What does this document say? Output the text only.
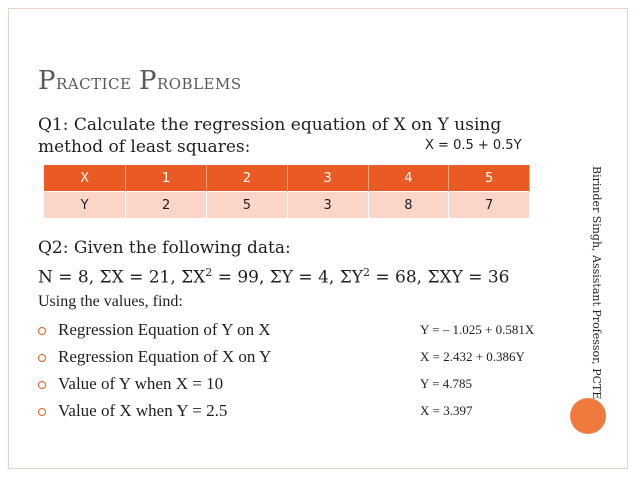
Practice Problems
Q1: Calculate the regression equation of X on Y using
method of least squares:	X = 0.5 + 0.5Y
X	1	2	3	4	5
Y	2	5	3	8	7
Q2: Given the following data:
N = 8, ΣX = 21, $\Sigma X^2 = 99$, ΣY = 4, $\Sigma Y^2 = 68$, ΣXY = 36
Using the values, find:
Regression Equation of Y on X	Y = – 1.025 + 0.581X
Regression Equation of X on Y	X = 2.432 + 0.386Y
Value of Y when X = 10	Y = 4.785
Value of X when Y = 2.5	X = 3.397
Birinder Singh, Assistant Professor, PCTE
